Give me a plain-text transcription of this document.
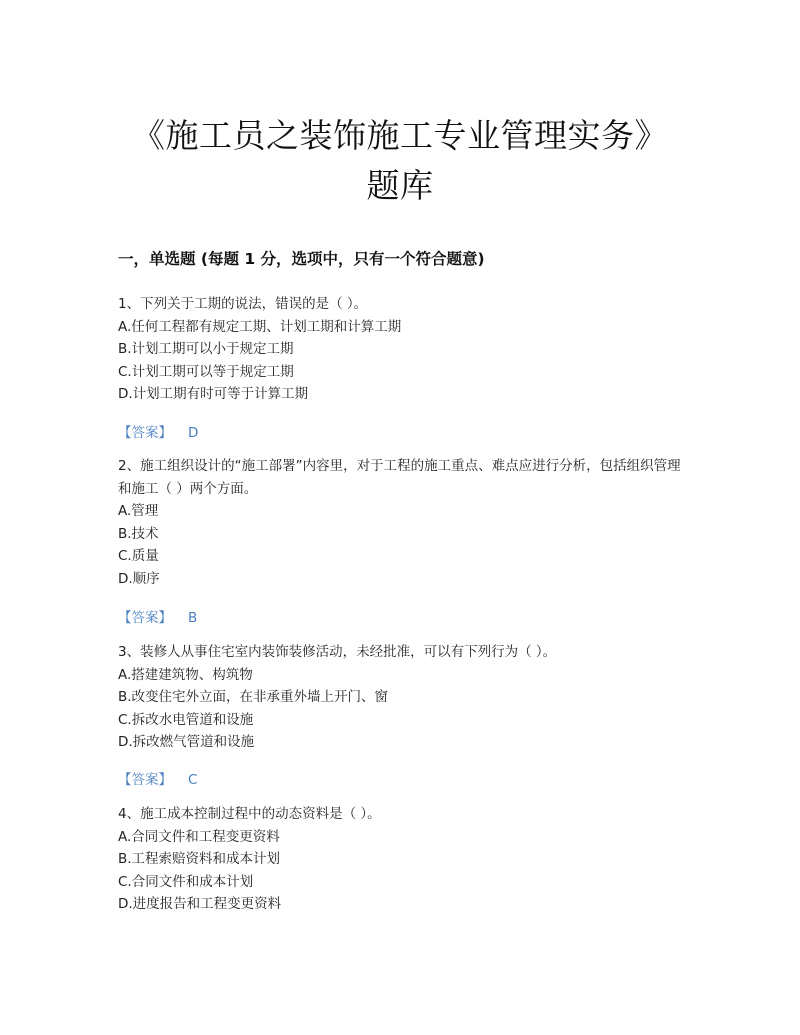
《施工员之装饰施工专业管理实务》
题库
一，单选题 (每题 1 分，选项中，只有一个符合题意)
1、下列关于工期的说法，错误的是（ ）。
A.任何工程都有规定工期、计划工期和计算工期
B.计划工期可以小于规定工期
C.计划工期可以等于规定工期
D.计划工期有时可等于计算工期
【答案】 D
2、施工组织设计的“施工部署”内容里，对于工程的施工重点、难点应进行分析，包括组织管理和施工（ ）两个方面。
A.管理
B.技术
C.质量
D.顺序
【答案】 B
3、装修人从事住宅室内装饰装修活动，未经批准，可以有下列行为（ ）。
A.搭建建筑物、构筑物
B.改变住宅外立面，在非承重外墙上开门、窗
C.拆改水电管道和设施
D.拆改燃气管道和设施
【答案】 C
4、施工成本控制过程中的动态资料是（ ）。
A.合同文件和工程变更资料
B.工程索赔资料和成本计划
C.合同文件和成本计划
D.进度报告和工程变更资料
